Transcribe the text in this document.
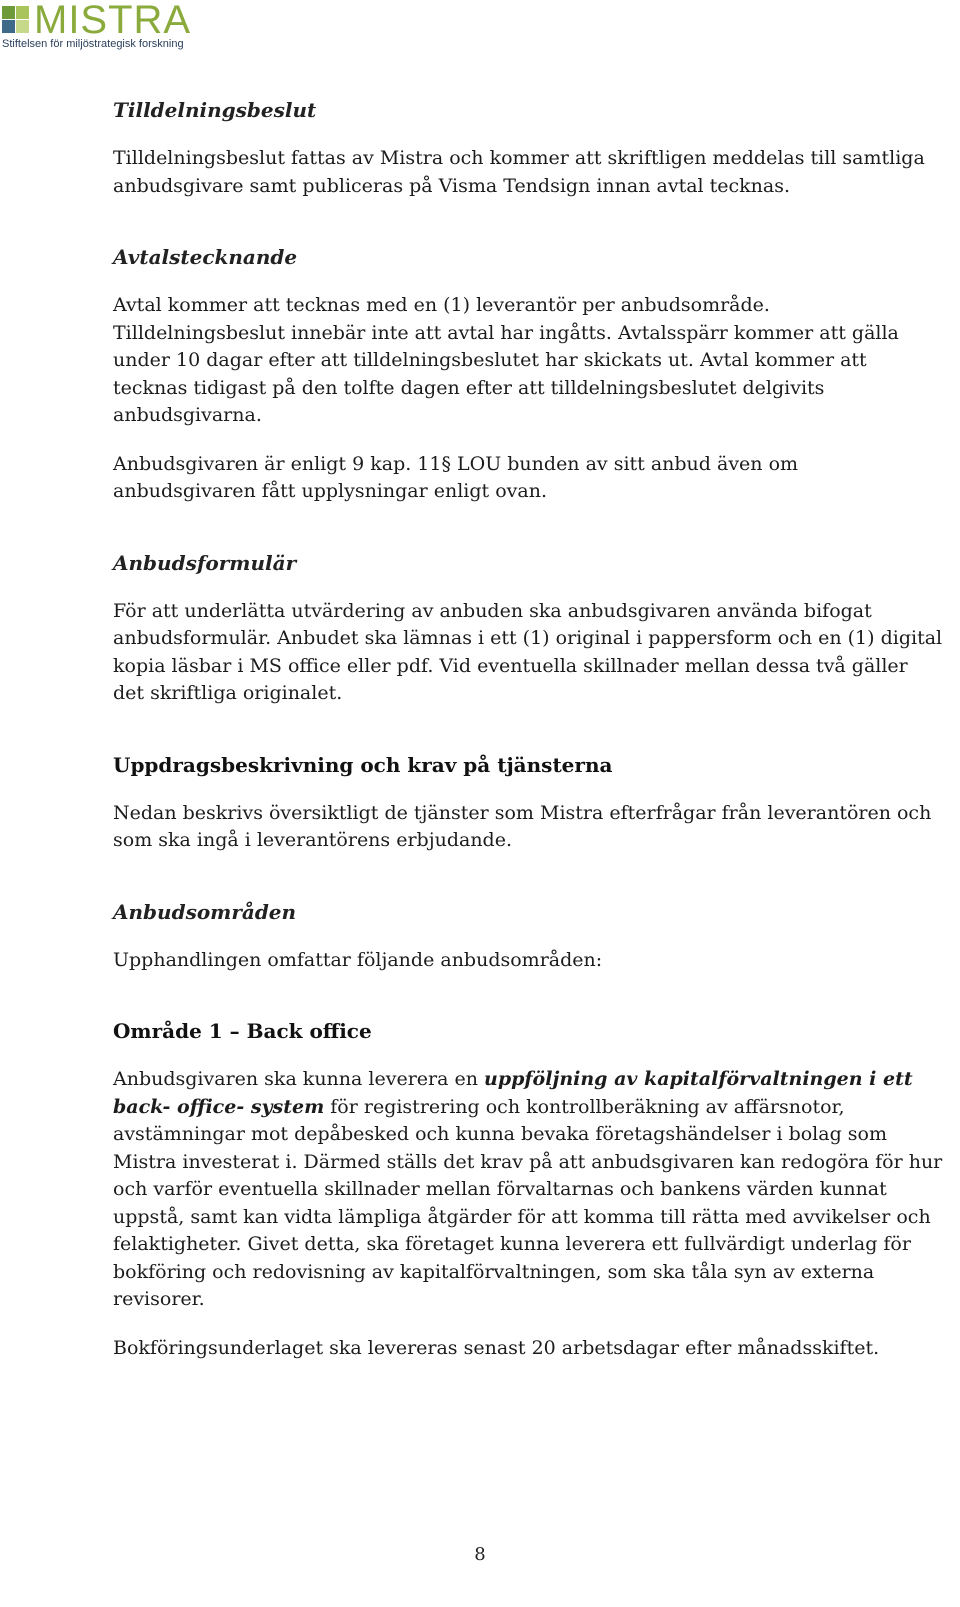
MISTRA
Stiftelsen för miljöstrategisk forskning
Tilldelningsbeslut

Tilldelningsbeslut fattas av Mistra och kommer att skriftligen meddelas till samtliga anbudsgivare samt publiceras på Visma Tendsign innan avtal tecknas.

Avtalstecknande

Avtal kommer att tecknas med en (1) leverantör per anbudsområde. Tilldelningsbeslut innebär inte att avtal har ingåtts. Avtalsspärr kommer att gälla under 10 dagar efter att tilldelningsbeslutet har skickats ut. Avtal kommer att tecknas tidigast på den tolfte dagen efter att tilldelningsbeslutet delgivits anbudsgivarna.

Anbudsgivaren är enligt 9 kap. 11§ LOU bunden av sitt anbud även om anbudsgivaren fått upplysningar enligt ovan.

Anbudsformulär

För att underlätta utvärdering av anbuden ska anbudsgivaren använda bifogat anbudsformulär. Anbudet ska lämnas i ett (1) original i pappersform och en (1) digital kopia läsbar i MS office eller pdf. Vid eventuella skillnader mellan dessa två gäller det skriftliga originalet.

Uppdragsbeskrivning och krav på tjänsterna

Nedan beskrivs översiktligt de tjänster som Mistra efterfrågar från leverantören och som ska ingå i leverantörens erbjudande.

Anbudsområden

Upphandlingen omfattar följande anbudsområden:

Område 1 – Back office

Anbudsgivaren ska kunna leverera en uppföljning av kapitalförvaltningen i ett back- office- system för registrering och kontrollberäkning av affärsnotor, avstämningar mot depåbesked och kunna bevaka företagshändelser i bolag som Mistra investerat i. Därmed ställs det krav på att anbudsgivaren kan redogöra för hur och varför eventuella skillnader mellan förvaltarnas och bankens värden kunnat uppstå, samt kan vidta lämpliga åtgärder för att komma till rätta med avvikelser och felaktigheter. Givet detta, ska företaget kunna leverera ett fullvärdigt underlag för bokföring och redovisning av kapitalförvaltningen, som ska tåla syn av externa revisorer.

Bokföringsunderlaget ska levereras senast 20 arbetsdagar efter månadsskiftet.

8
